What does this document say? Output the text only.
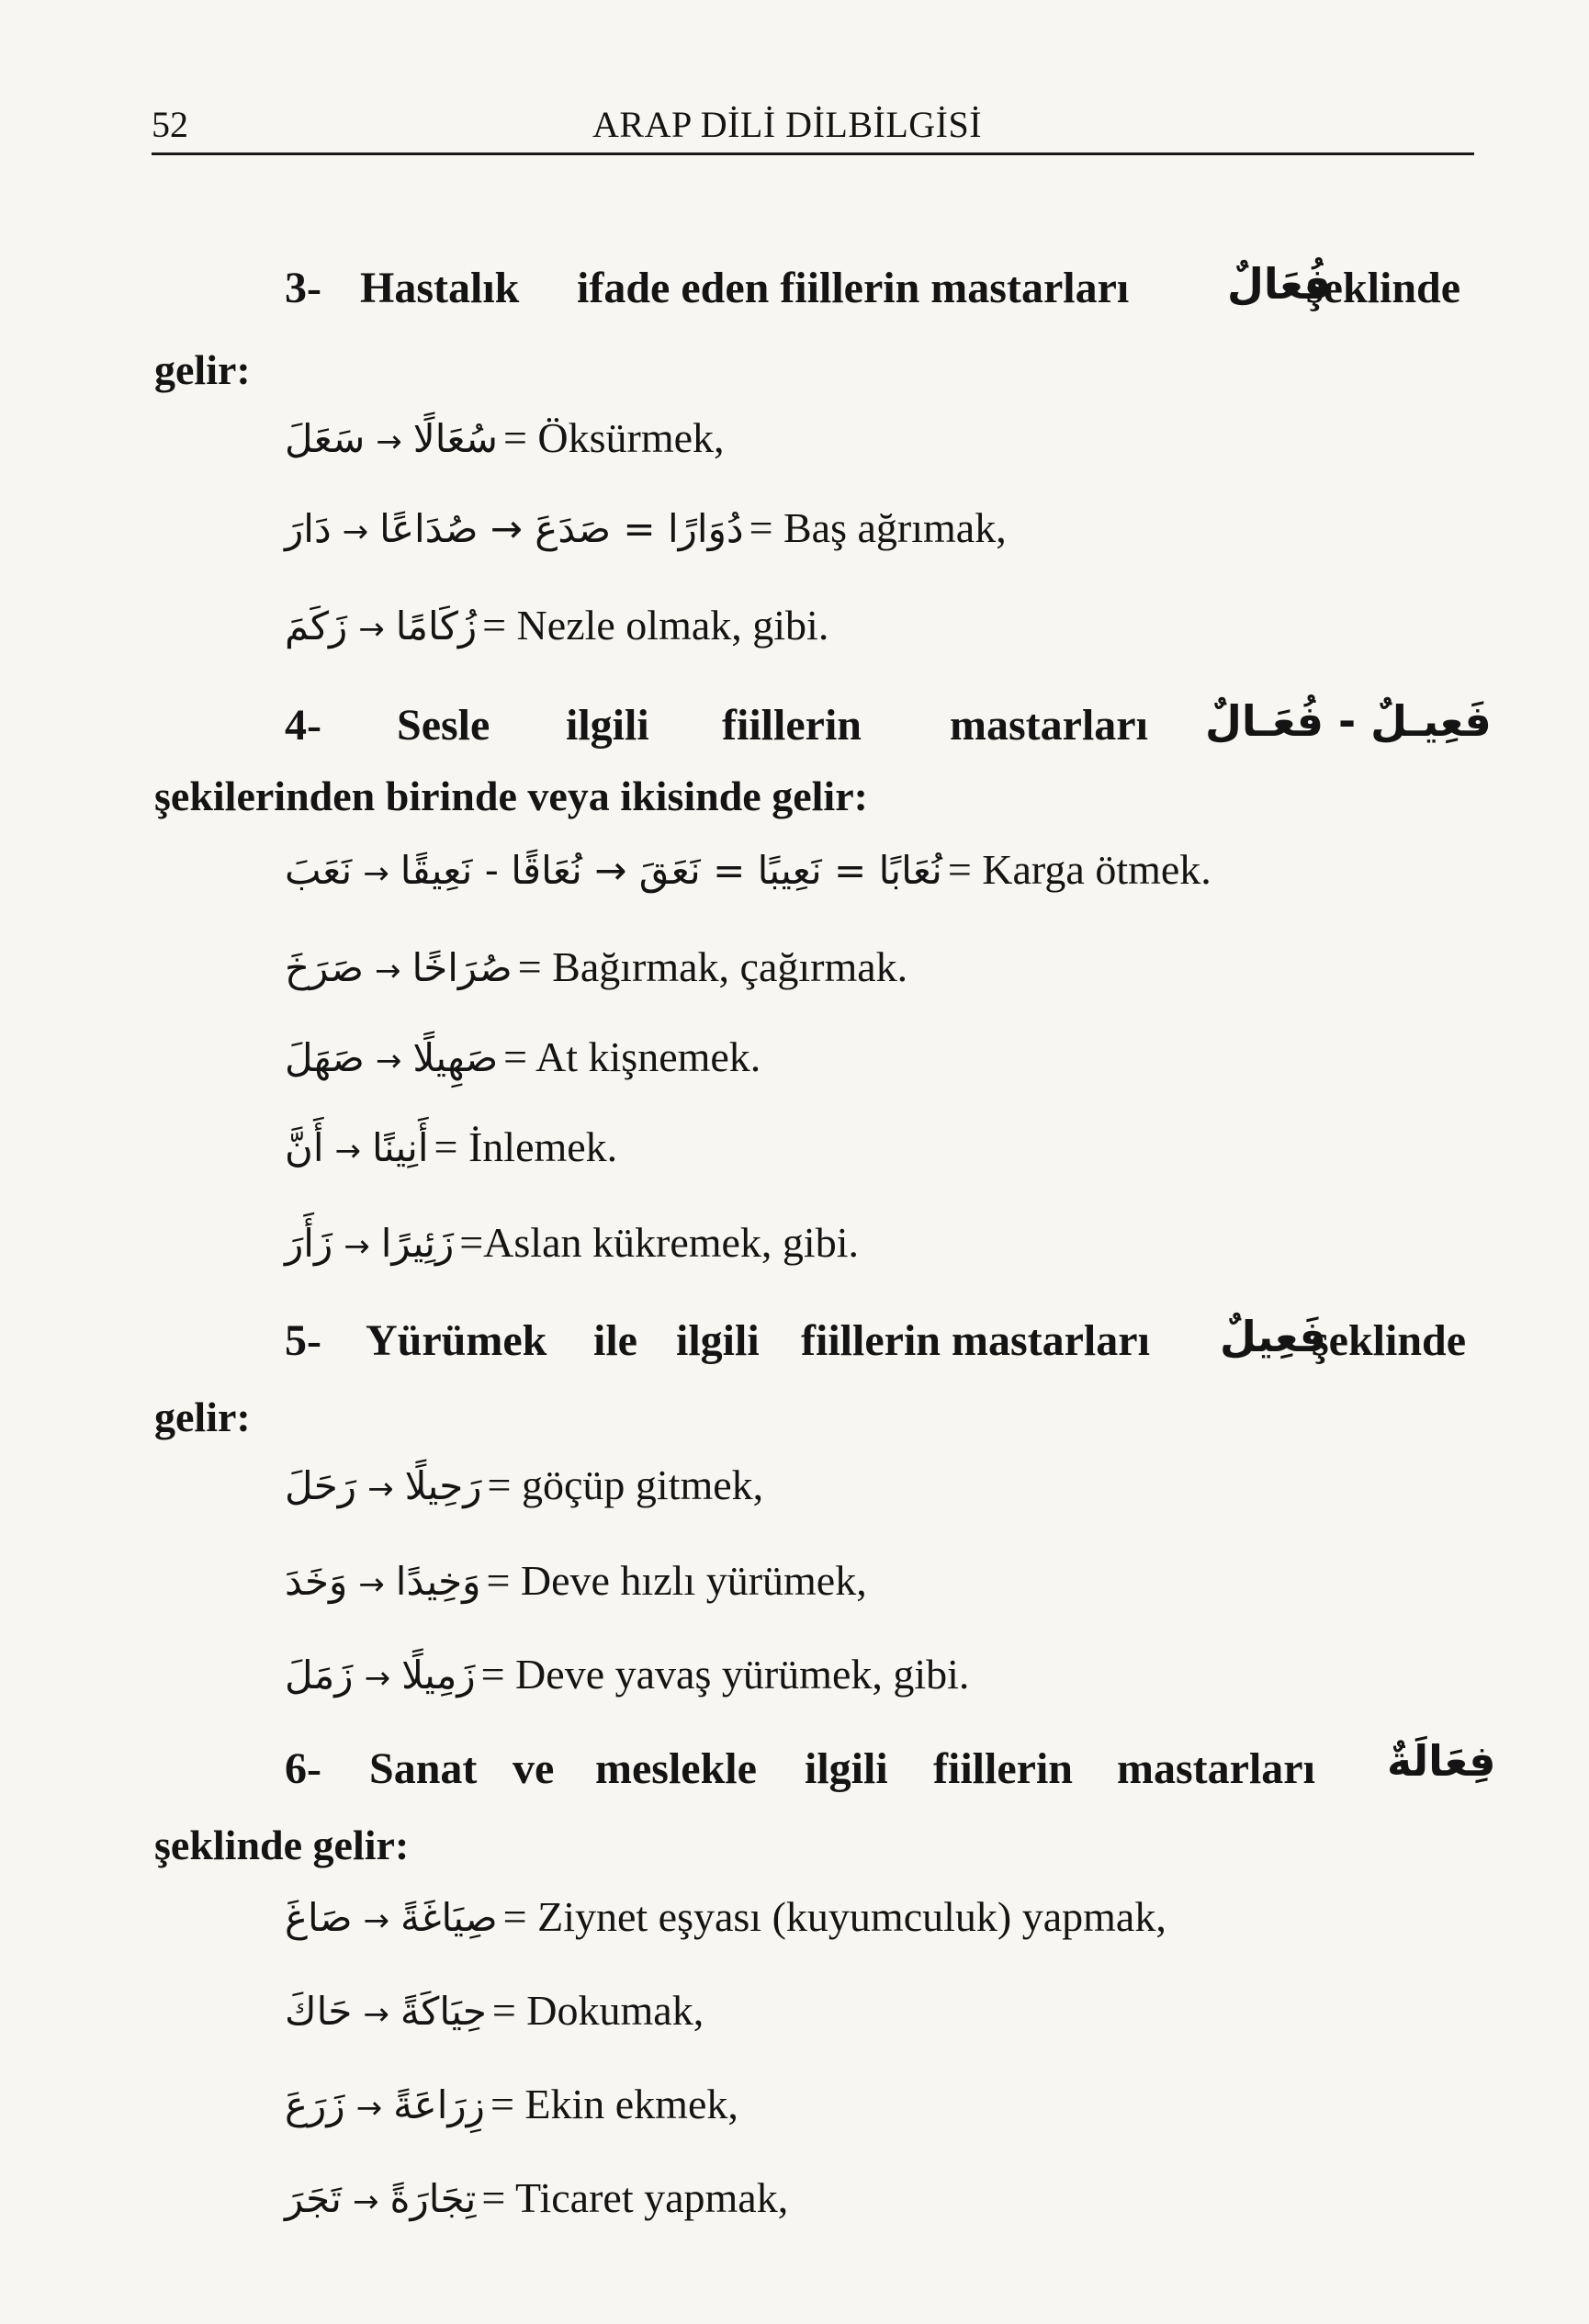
52	ARAP DİLİ DİLBİLGİSİ
3- Hastalık ifade eden fiillerin mastarları فُعَالٌ
şeklinde
gelir:
سَعَلَ → سُعَالًا = Öksürmek,
دَارَ → دُوَارًا = صَدَعَ → صُدَاعًا = Baş ağrımak,
زَكَمَ → زُكَامًا = Nezle olmak, gibi.
4- Sesle ilgili fiillerin mastarları فَعِيـلٌ - فُعَـالٌ
şekilerinden birinde veya ikisinde gelir:
نَعَبَ → نُعَابًا = نَعِيبًا = نَعَقَ → نُعَاقًا - نَعِيقًا = Karga ötmek.
صَرَخَ → صُرَاخًا = Bağırmak, çağırmak.
صَهَلَ → صَهِيلًا = At kişnemek.
أَنَّ → أَنِينًا = İnlemek.
زَأَرَ → زَئِيرًا =Aslan kükremek, gibi.
5- Yürümek ile ilgili fiillerin mastarları فَعِيلٌ
şeklinde
gelir:
رَحَلَ → رَحِيلًا = göçüp gitmek,
وَخَدَ → وَخِيدًا = Deve hızlı yürümek,
زَمَلَ → زَمِيلًا = Deve yavaş yürümek, gibi.
6- Sanat ve meslekle ilgili fiillerin mastarları فِعَالَةٌ
şeklinde gelir:
صَاغَ → صِيَاغَةً = Ziynet eşyası (kuyumculuk) yapmak,
حَاكَ → حِيَاكَةً = Dokumak,
زَرَعَ → زِرَاعَةً = Ekin ekmek,
تَجَرَ → تِجَارَةً = Ticaret yapmak,
